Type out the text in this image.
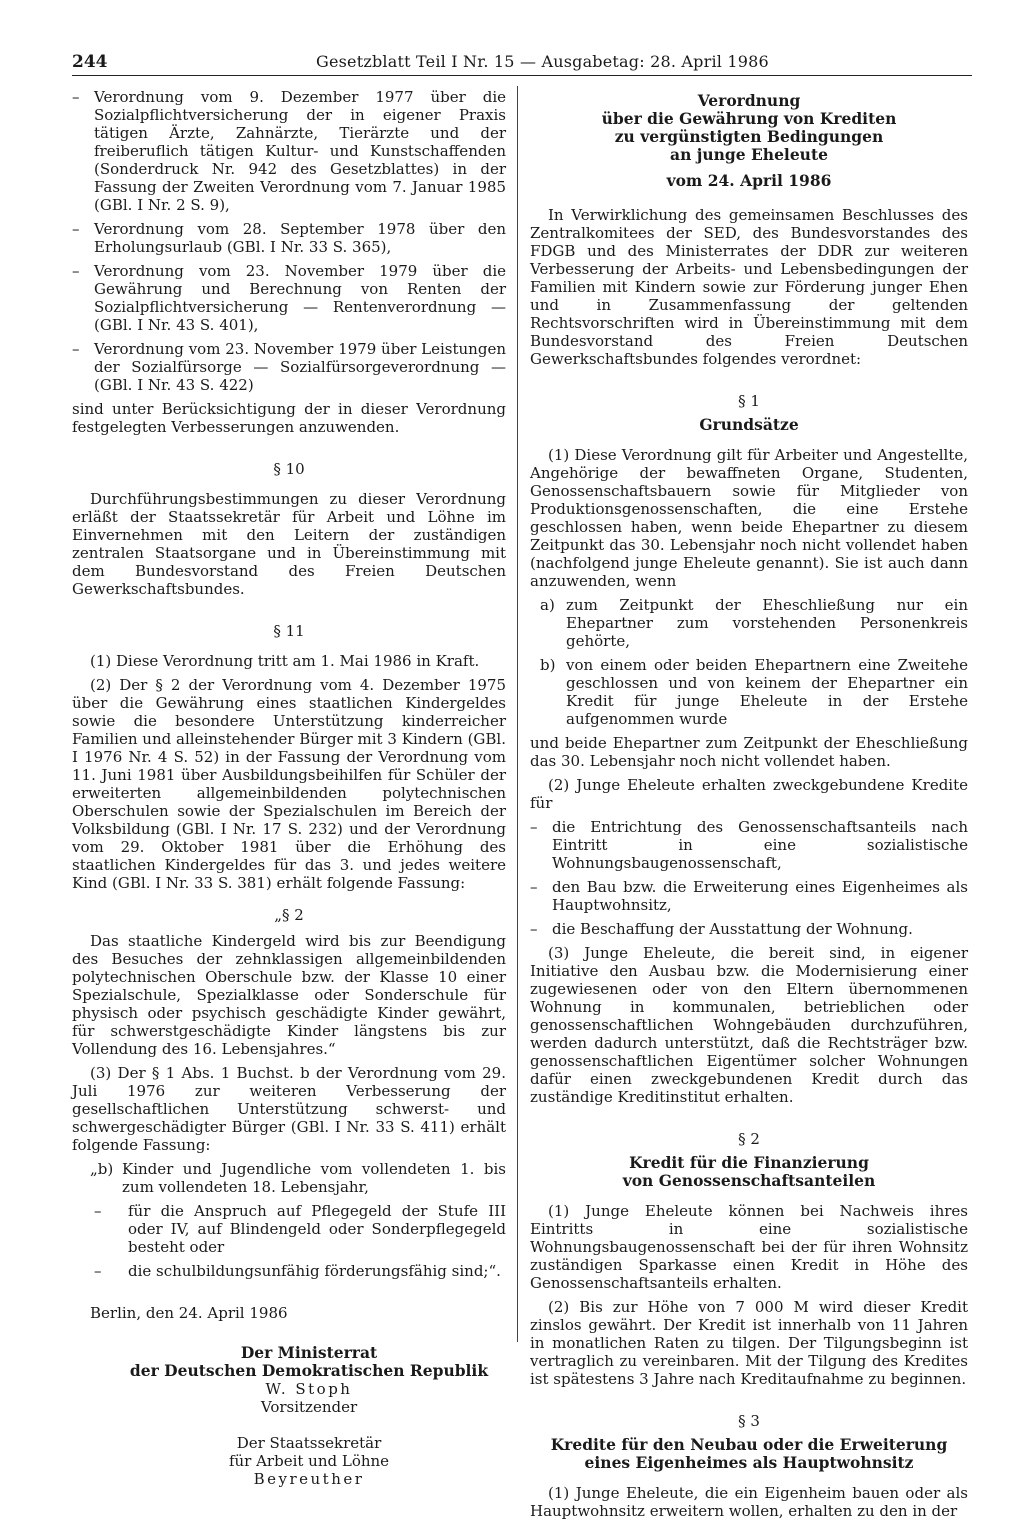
244	Gesetzblatt Teil I Nr. 15 — Ausgabetag: 28. April 1986
– Verordnung vom 9. Dezember 1977 über die Sozialpflichtversicherung der in eigener Praxis tätigen Ärzte, Zahnärzte, Tierärzte und der freiberuflich tätigen Kultur- und Kunstschaffenden (Sonderdruck Nr. 942 des Gesetzblattes) in der Fassung der Zweiten Verordnung vom 7. Januar 1985 (GBl. I Nr. 2 S. 9),
– Verordnung vom 28. September 1978 über den Erholungsurlaub (GBl. I Nr. 33 S. 365),
– Verordnung vom 23. November 1979 über die Gewährung und Berechnung von Renten der Sozialpflichtversicherung — Rentenverordnung — (GBl. I Nr. 43 S. 401),
– Verordnung vom 23. November 1979 über Leistungen der Sozialfürsorge — Sozialfürsorgeverordnung — (GBl. I Nr. 43 S. 422)

sind unter Berücksichtigung der in dieser Verordnung festgelegten Verbesserungen anzuwenden.

§ 10

Durchführungsbestimmungen zu dieser Verordnung erläßt der Staatssekretär für Arbeit und Löhne im Einvernehmen mit den Leitern der zuständigen zentralen Staatsorgane und in Übereinstimmung mit dem Bundesvorstand des Freien Deutschen Gewerkschaftsbundes.

§ 11

(1) Diese Verordnung tritt am 1. Mai 1986 in Kraft.

(2) Der § 2 der Verordnung vom 4. Dezember 1975 über die Gewährung eines staatlichen Kindergeldes sowie die besondere Unterstützung kinderreicher Familien und alleinstehender Bürger mit 3 Kindern (GBl. I 1976 Nr. 4 S. 52) in der Fassung der Verordnung vom 11. Juni 1981 über Ausbildungsbeihilfen für Schüler der erweiterten allgemeinbildenden polytechnischen Oberschulen sowie der Spezialschulen im Bereich der Volksbildung (GBl. I Nr. 17 S. 232) und der Verordnung vom 29. Oktober 1981 über die Erhöhung des staatlichen Kindergeldes für das 3. und jedes weitere Kind (GBl. I Nr. 33 S. 381) erhält folgende Fassung:

„§ 2

Das staatliche Kindergeld wird bis zur Beendigung des Besuches der zehnklassigen allgemeinbildenden polytechnischen Oberschule bzw. der Klasse 10 einer Spezialschule, Spezialklasse oder Sonderschule für physisch oder psychisch geschädigte Kinder gewährt, für schwerstgeschädigte Kinder längstens bis zur Vollendung des 16. Lebensjahres.“

(3) Der § 1 Abs. 1 Buchst. b der Verordnung vom 29. Juli 1976 zur weiteren Verbesserung der gesellschaftlichen Unterstützung schwerst- und schwergeschädigter Bürger (GBl. I Nr. 33 S. 411) erhält folgende Fassung:

„b) Kinder und Jugendliche vom vollendeten 1. bis zum vollendeten 18. Lebensjahr,
– für die Anspruch auf Pflegegeld der Stufe III oder IV, auf Blindengeld oder Sonderpflegegeld besteht oder
– die schulbildungsunfähig förderungsfähig sind;“.

Berlin, den 24. April 1986

Der Ministerrat

der Deutschen Demokratischen Republik

W. Stoph

Vorsitzender

Der Staatssekretär

für Arbeit und Löhne

Beyreuther

Verordnung

über die Gewährung von Krediten

zu vergünstigten Bedingungen

an junge Eheleute

vom 24. April 1986

In Verwirklichung des gemeinsamen Beschlusses des Zentralkomitees der SED, des Bundesvorstandes des FDGB und des Ministerrates der DDR zur weiteren Verbesserung der Arbeits- und Lebensbedingungen der Familien mit Kindern sowie zur Förderung junger Ehen und in Zusammenfassung der geltenden Rechtsvorschriften wird in Übereinstimmung mit dem Bundesvorstand des Freien Deutschen Gewerkschaftsbundes folgendes verordnet:

§ 1

Grundsätze

(1) Diese Verordnung gilt für Arbeiter und Angestellte, Angehörige der bewaffneten Organe, Studenten, Genossenschaftsbauern sowie für Mitglieder von Produktionsgenossenschaften, die eine Erstehe geschlossen haben, wenn beide Ehepartner zu diesem Zeitpunkt das 30. Lebensjahr noch nicht vollendet haben (nachfolgend junge Eheleute genannt). Sie ist auch dann anzuwenden, wenn

a) zum Zeitpunkt der Eheschließung nur ein Ehepartner zum vorstehenden Personenkreis gehörte,
b) von einem oder beiden Ehepartnern eine Zweitehe geschlossen und von keinem der Ehepartner ein Kredit für junge Eheleute in der Erstehe aufgenommen wurde

und beide Ehepartner zum Zeitpunkt der Eheschließung das 30. Lebensjahr noch nicht vollendet haben.

(2) Junge Eheleute erhalten zweckgebundene Kredite für

– die Entrichtung des Genossenschaftsanteils nach Eintritt in eine sozialistische Wohnungsbaugenossenschaft,
– den Bau bzw. die Erweiterung eines Eigenheimes als Hauptwohnsitz,
– die Beschaffung der Ausstattung der Wohnung.

(3) Junge Eheleute, die bereit sind, in eigener Initiative den Ausbau bzw. die Modernisierung einer zugewiesenen oder von den Eltern übernommenen Wohnung in kommunalen, betrieblichen oder genossenschaftlichen Wohngebäuden durchzuführen, werden dadurch unterstützt, daß die Rechtsträger bzw. genossenschaftlichen Eigentümer solcher Wohnungen dafür einen zweckgebundenen Kredit durch das zuständige Kreditinstitut erhalten.

§ 2

Kredit für die Finanzierung

von Genossenschaftsanteilen

(1) Junge Eheleute können bei Nachweis ihres Eintritts in eine sozialistische Wohnungsbaugenossenschaft bei der für ihren Wohnsitz zuständigen Sparkasse einen Kredit in Höhe des Genossenschaftsanteils erhalten.

(2) Bis zur Höhe von 7 000 M wird dieser Kredit zinslos gewährt. Der Kredit ist innerhalb von 11 Jahren in monatlichen Raten zu tilgen. Der Tilgungsbeginn ist vertraglich zu vereinbaren. Mit der Tilgung des Kredites ist spätestens 3 Jahre nach Kreditaufnahme zu beginnen.

§ 3

Kredite für den Neubau oder die Erweiterung

eines Eigenheimes als Hauptwohnsitz

(1) Junge Eheleute, die ein Eigenheim bauen oder als Hauptwohnsitz erweitern wollen, erhalten zu den in der
